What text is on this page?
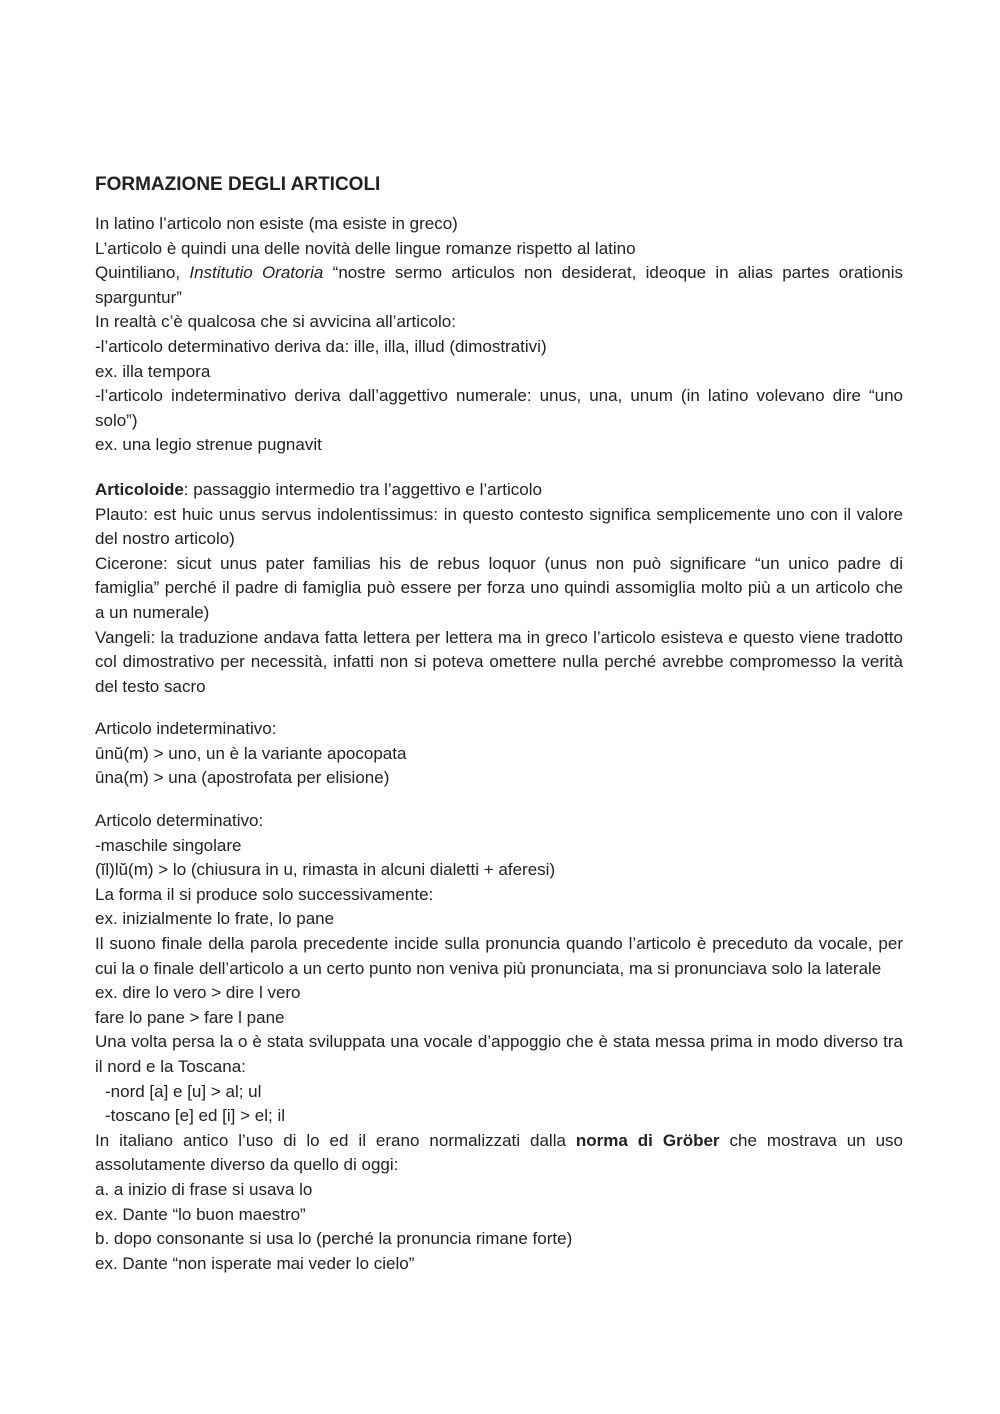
FORMAZIONE DEGLI ARTICOLI
In latino l’articolo non esiste (ma esiste in greco)
L’articolo è quindi una delle novità delle lingue romanze rispetto al latino
Quintiliano, Institutio Oratoria “nostre sermo articulos non desiderat, ideoque in alias partes orationis sparguntur”
In realtà c’è qualcosa che si avvicina all’articolo:
-l’articolo determinativo deriva da: ille, illa, illud (dimostrativi)
ex. illa tempora
-l’articolo indeterminativo deriva dall’aggettivo numerale: unus, una, unum (in latino volevano dire “uno solo”)
ex. una legio strenue pugnavit
Articoloide: passaggio intermedio tra l’aggettivo e l’articolo
Plauto: est huic unus servus indolentissimus: in questo contesto significa semplicemente uno con il valore del nostro articolo)
Cicerone: sicut unus pater familias his de rebus loquor (unus non può significare “un unico padre di famiglia” perché il padre di famiglia può essere per forza uno quindi assomiglia molto più a un articolo che a un numerale)
Vangeli: la traduzione andava fatta lettera per lettera ma in greco l’articolo esisteva e questo viene tradotto col dimostrativo per necessità, infatti non si poteva omettere nulla perché avrebbe compromesso la verità del testo sacro
Articolo indeterminativo:
ūnŭ(m) > uno, un è la variante apocopata
ūna(m) > una (apostrofata per elisione)
Articolo determinativo:
-maschile singolare
(ĭl)lŭ(m) > lo (chiusura in u, rimasta in alcuni dialetti + aferesi)
La forma il si produce solo successivamente:
ex. inizialmente lo frate, lo pane
Il suono finale della parola precedente incide sulla pronuncia quando l’articolo è preceduto da vocale, per cui la o finale dell’articolo a un certo punto non veniva più pronunciata, ma si pronunciava solo la laterale
ex. dire lo vero > dire l vero
fare lo pane > fare l pane
Una volta persa la o è stata sviluppata una vocale d’appoggio che è stata messa prima in modo diverso tra il nord e la Toscana:
-nord [a] e [u] > al; ul
-toscano [e] ed [i] > el; il
In italiano antico l’uso di lo ed il erano normalizzati dalla norma di Gröber che mostrava un uso assolutamente diverso da quello di oggi:
a. a inizio di frase si usava lo
ex. Dante “lo buon maestro”
b. dopo consonante si usa lo (perché la pronuncia rimane forte)
ex. Dante “non isperate mai veder lo cielo”
